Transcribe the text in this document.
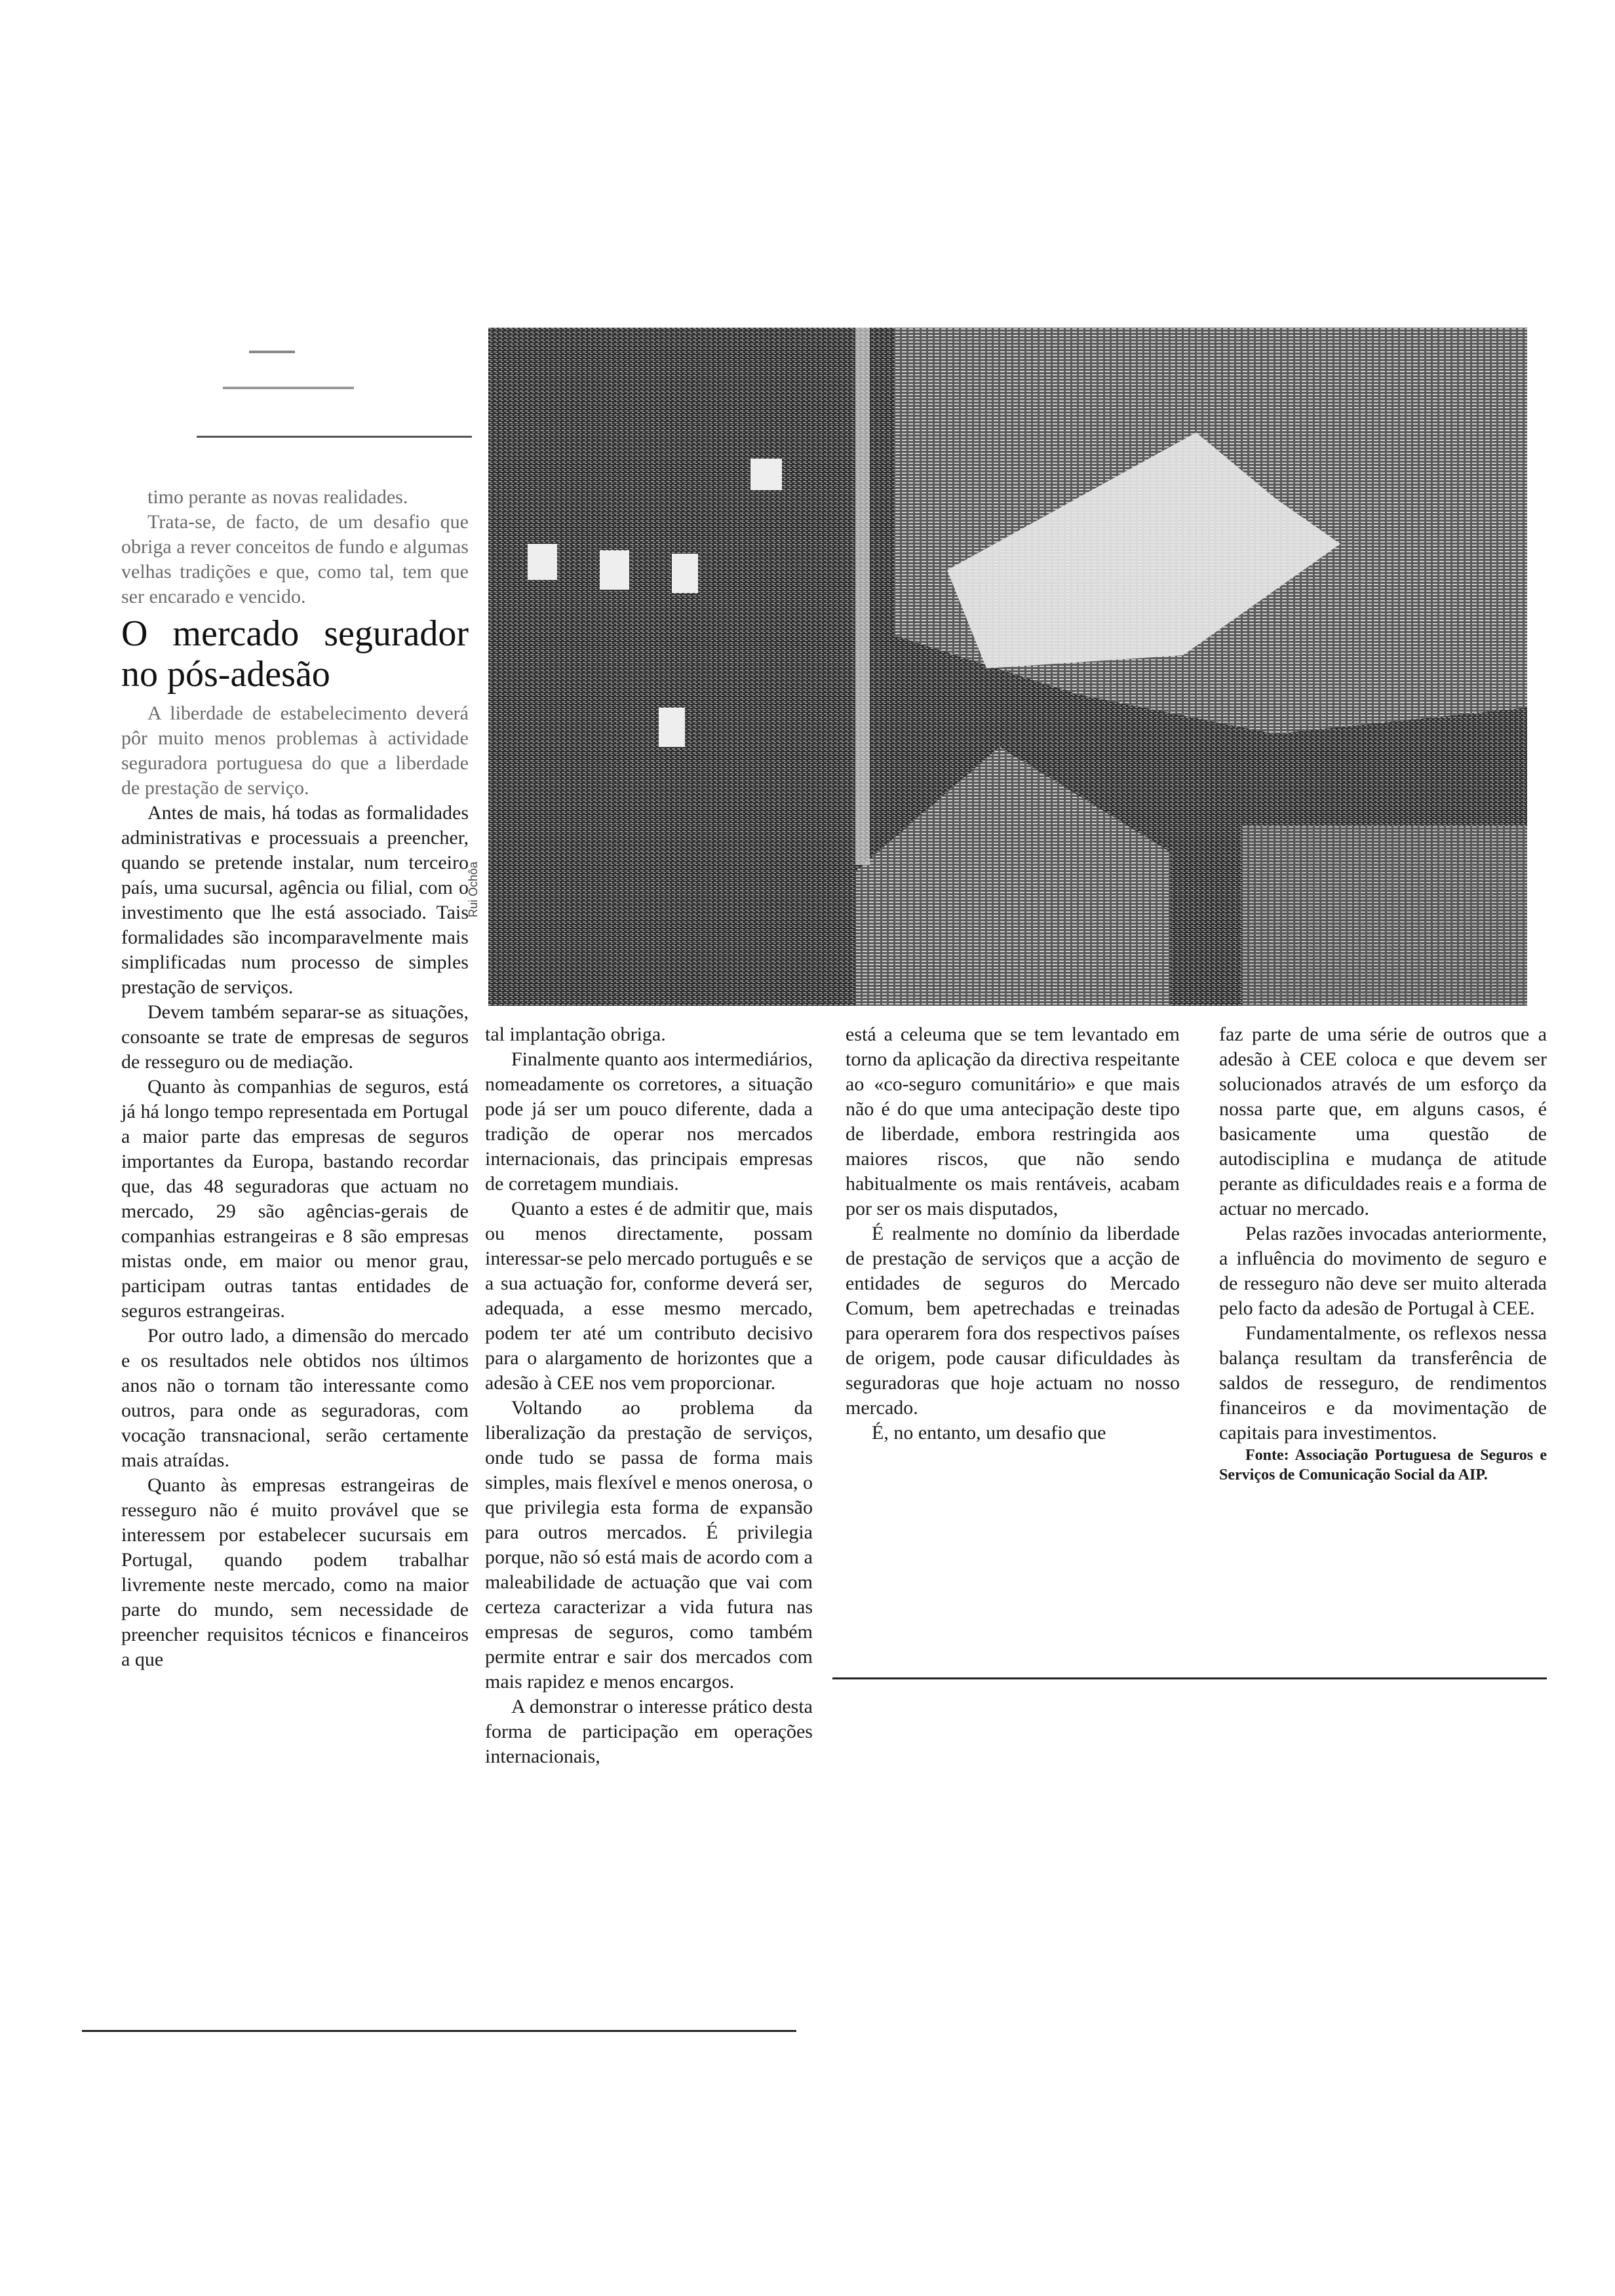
Rui Ochôa

timo perante as novas realidades.

Trata-se, de facto, de um desafio que obriga a rever conceitos de fundo e algumas velhas tradições e que, como tal, tem que ser encarado e vencido.

O mercado segurador no pós-adesão

A liberdade de estabelecimento deverá pôr muito menos problemas à actividade seguradora portuguesa do que a liberdade de prestação de serviço.

Antes de mais, há todas as formalidades administrativas e processuais a preencher, quando se pretende instalar, num terceiro país, uma sucursal, agência ou filial, com o investimento que lhe está associado. Tais formalidades são incomparavelmente mais simplificadas num processo de simples prestação de serviços.

Devem também separar-se as situações, consoante se trate de empresas de seguros de resseguro ou de mediação.

Quanto às companhias de seguros, está já há longo tempo representada em Portugal a maior parte das empresas de seguros importantes da Europa, bastando recordar que, das 48 seguradoras que actuam no mercado, 29 são agências-gerais de companhias estrangeiras e 8 são empresas mistas onde, em maior ou menor grau, participam outras tantas entidades de seguros estrangeiras.

Por outro lado, a dimensão do mercado e os resultados nele obtidos nos últimos anos não o tornam tão interessante como outros, para onde as seguradoras, com vocação transnacional, serão certamente mais atraídas.

Quanto às empresas estrangeiras de resseguro não é muito provável que se interessem por estabelecer sucursais em Portugal, quando podem trabalhar livremente neste mercado, como na maior parte do mundo, sem necessidade de preencher requisitos técnicos e financeiros a que

tal implantação obriga.

Finalmente quanto aos intermediários, nomeadamente os corretores, a situação pode já ser um pouco diferente, dada a tradição de operar nos mercados internacionais, das principais empresas de corretagem mundiais.

Quanto a estes é de admitir que, mais ou menos directamente, possam interessar-se pelo mercado português e se a sua actuação for, conforme deverá ser, adequada, a esse mesmo mercado, podem ter até um contributo decisivo para o alargamento de horizontes que a adesão à CEE nos vem proporcionar.

Voltando ao problema da liberalização da prestação de serviços, onde tudo se passa de forma mais simples, mais flexível e menos onerosa, o que privilegia esta forma de expansão para outros mercados. É privilegia porque, não só está mais de acordo com a maleabilidade de actuação que vai com certeza caracterizar a vida futura nas empresas de seguros, como também permite entrar e sair dos mercados com mais rapidez e menos encargos.

A demonstrar o interesse prático desta forma de participação em operações internacionais,

está a celeuma que se tem levantado em torno da aplicação da directiva respeitante ao «co-seguro comunitário» e que mais não é do que uma antecipação deste tipo de liberdade, embora restringida aos maiores riscos, que não sendo habitualmente os mais rentáveis, acabam por ser os mais disputados,

É realmente no domínio da liberdade de prestação de serviços que a acção de entidades de seguros do Mercado Comum, bem apetrechadas e treinadas para operarem fora dos respectivos países de origem, pode causar dificuldades às seguradoras que hoje actuam no nosso mercado.

É, no entanto, um desafio que

faz parte de uma série de outros que a adesão à CEE coloca e que devem ser solucionados através de um esforço da nossa parte que, em alguns casos, é basicamente uma questão de autodisciplina e mudança de atitude perante as dificuldades reais e a forma de actuar no mercado.

Pelas razões invocadas anteriormente, a influência do movimento de seguro e de resseguro não deve ser muito alterada pelo facto da adesão de Portugal à CEE.

Fundamentalmente, os reflexos nessa balança resultam da transferência de saldos de resseguro, de rendimentos financeiros e da movimentação de capitais para investimentos.

Fonte: Associação Portuguesa de Seguros e Serviços de Comunicação Social da AIP.
